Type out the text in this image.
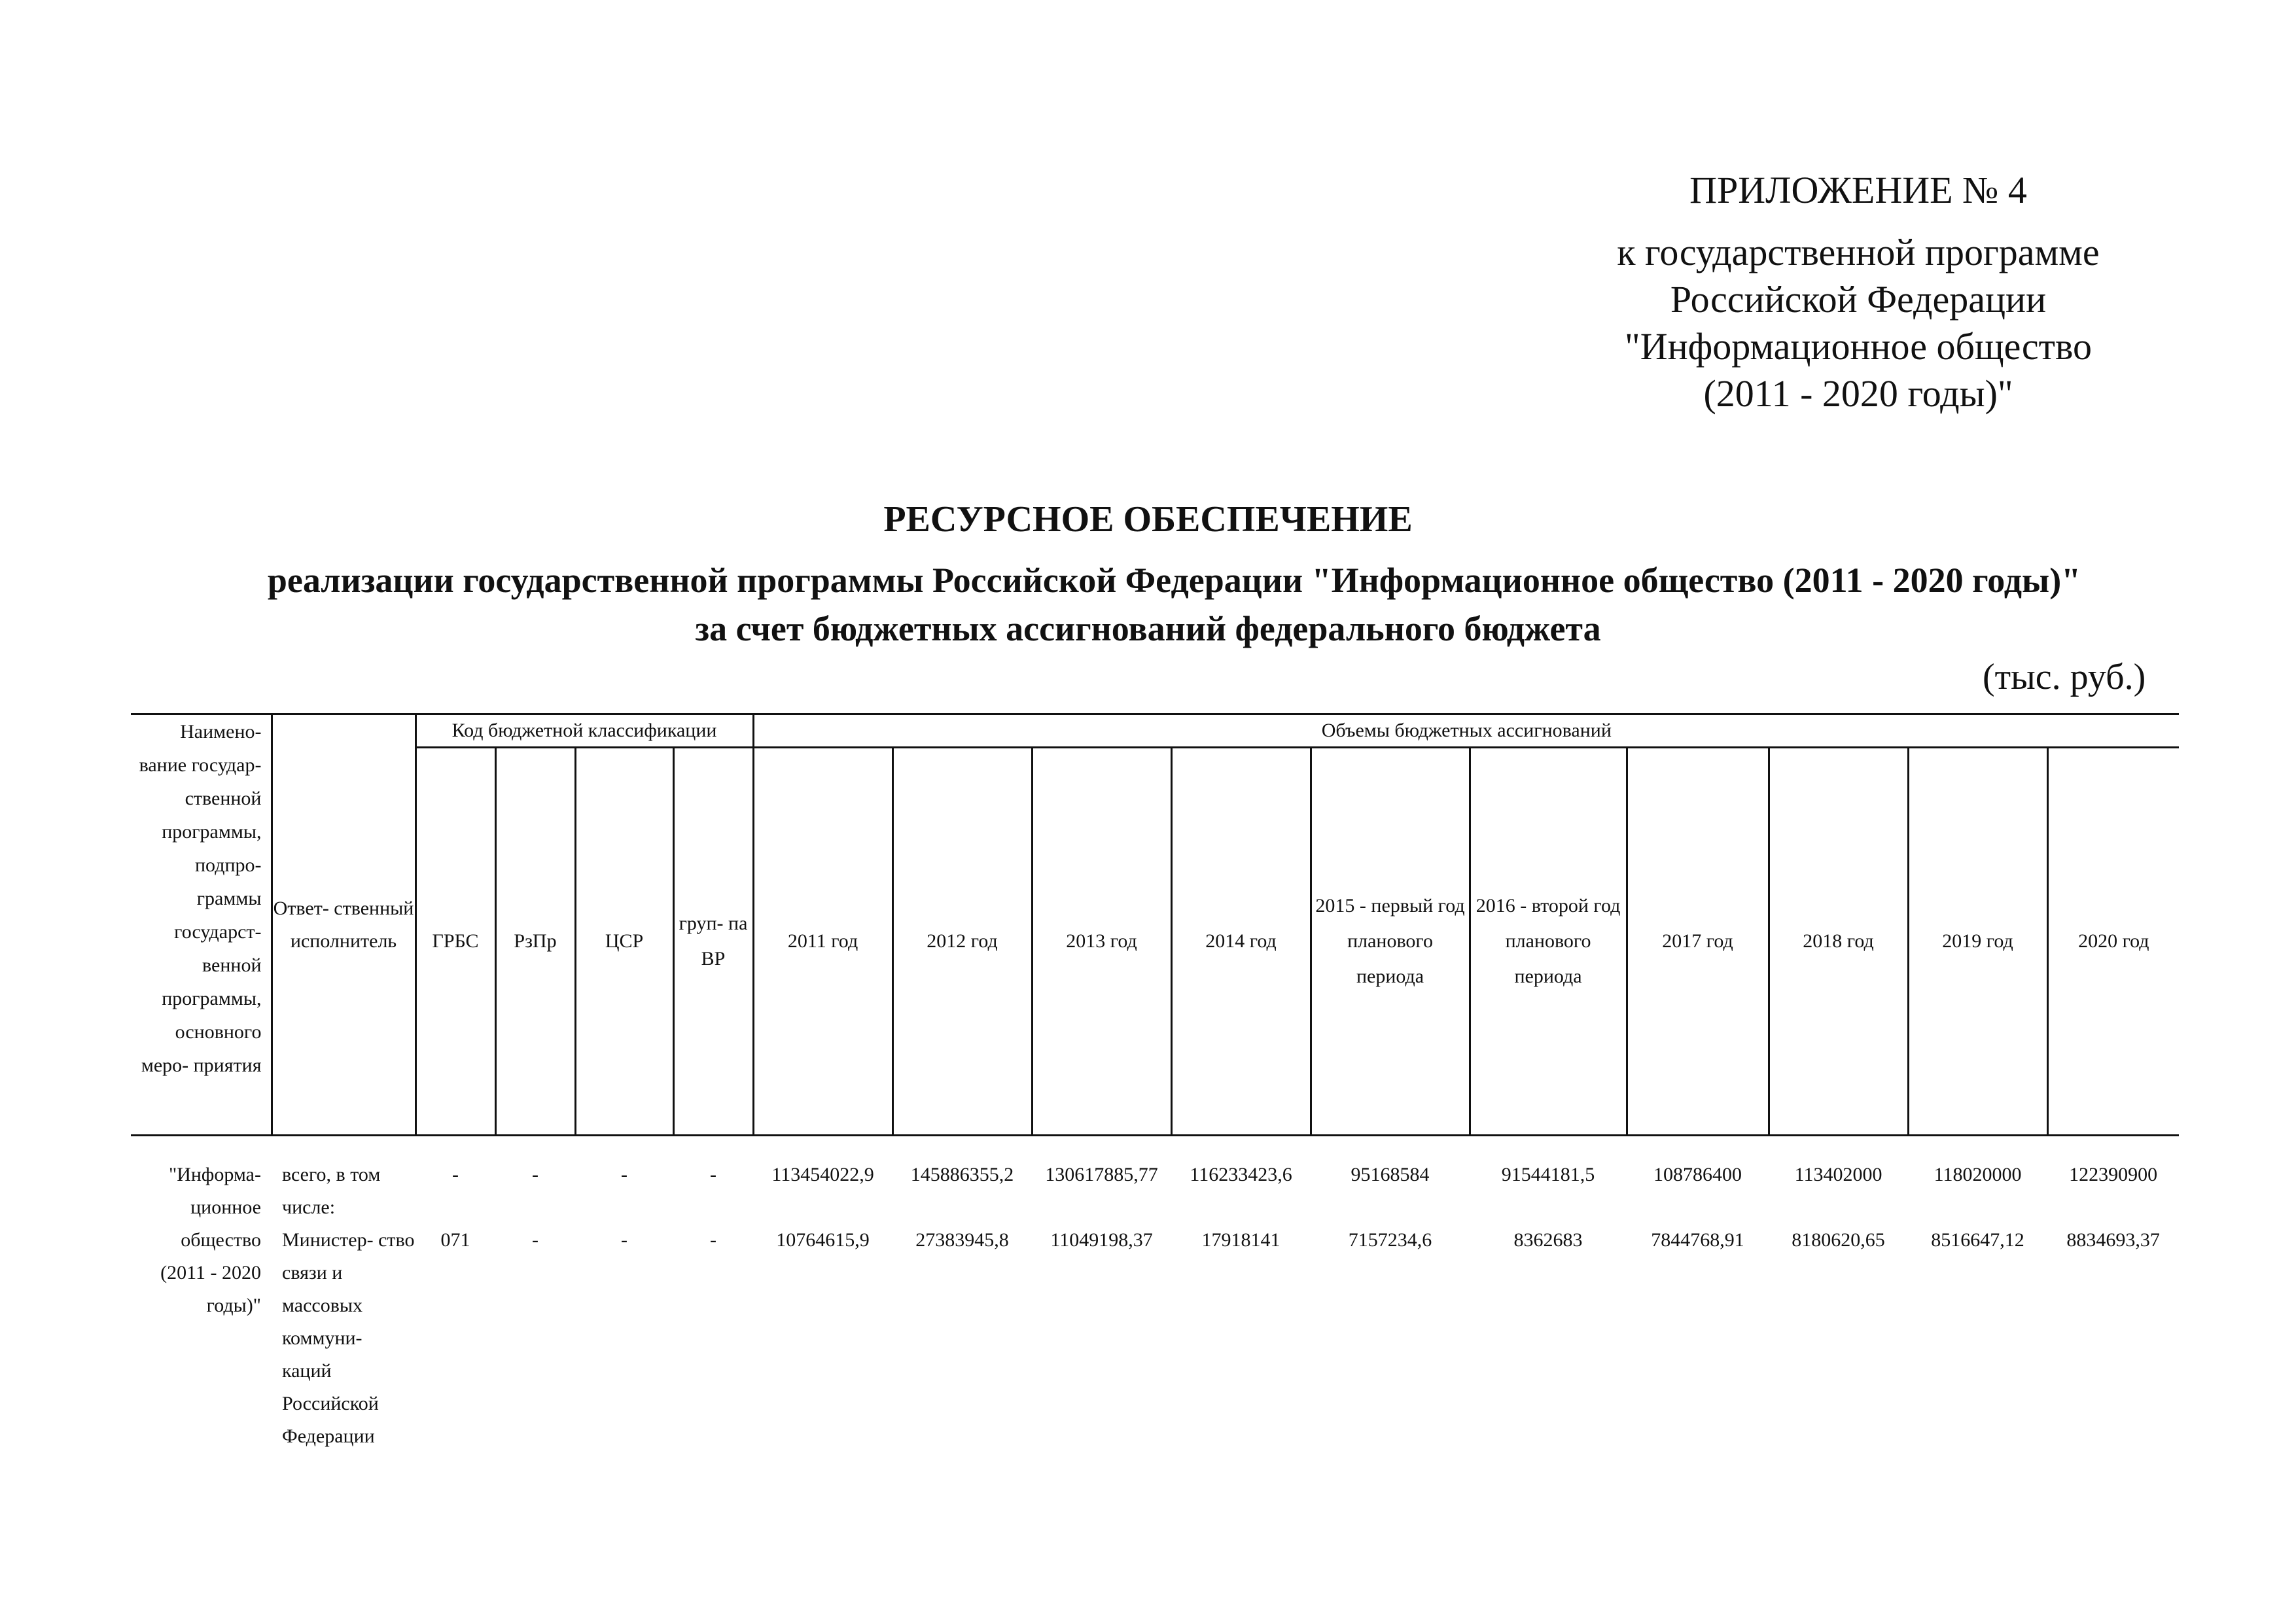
ПРИЛОЖЕНИЕ № 4
к государственной программе
Российской Федерации
"Информационное общество
(2011 - 2020 годы)"
РЕСУРСНОЕ ОБЕСПЕЧЕНИЕ
реализации государственной программы Российской Федерации "Информационное общество (2011 - 2020 годы)"
за счет бюджетных ассигнований федерального бюджета
(тыс. руб.)
Наимено- вание государ- ственной программы, подпро- граммы государст- венной программы, основного меро- приятия	Ответ- ственный исполнитель	Код бюджетной классификации				Объемы бюджетных ассигнований									
		ГРБС	РзПр	ЦСР	груп- па ВР	2011 год	2012 год	2013 год	2014 год	2015 - первый год планового периода	2016 - второй год планового периода	2017 год	2018 год	2019 год	2020 год
"Информа- ционное общество (2011 - 2020 годы)"	всего, в том числе:	-	-	-	-	113454022,9	145886355,2	130617885,77	116233423,6	95168584	91544181,5	108786400	113402000	118020000	122390900
	Министер- ство связи и массовых коммуни- каций Российской Федерации	071	-	-	-	10764615,9	27383945,8	11049198,37	17918141	7157234,6	8362683	7844768,91	8180620,65	8516647,12	8834693,37
